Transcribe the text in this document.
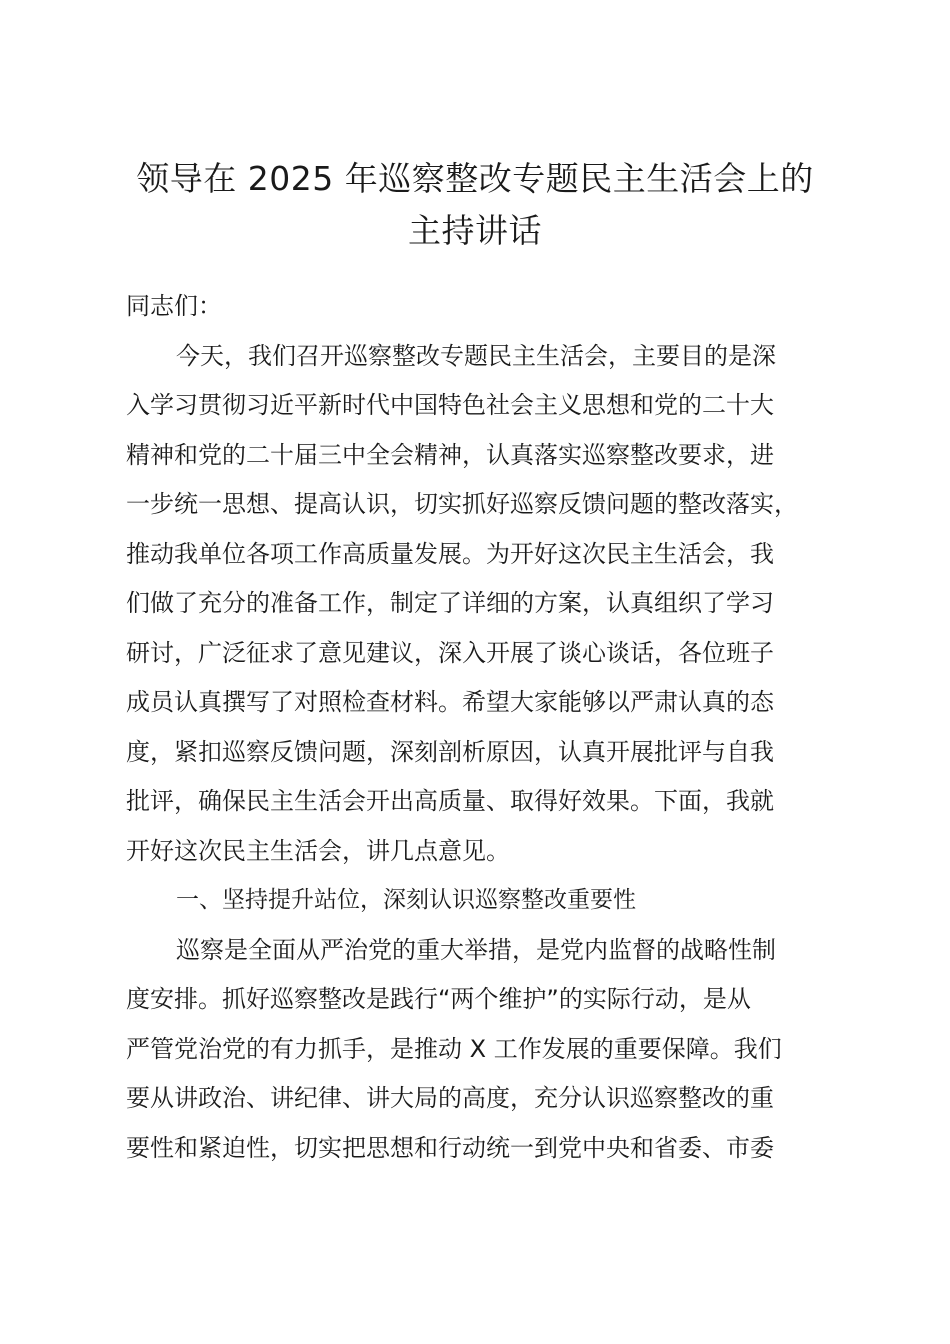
领导在 2025 年巡察整改专题民主生活会上的
主持讲话
同志们：
今天，我们召开巡察整改专题民主生活会，主要目的是深
入学习贯彻习近平新时代中国特色社会主义思想和党的二十大
精神和党的二十届三中全会精神，认真落实巡察整改要求，进
一步统一思想、提高认识，切实抓好巡察反馈问题的整改落实，
推动我单位各项工作高质量发展。为开好这次民主生活会，我
们做了充分的准备工作，制定了详细的方案，认真组织了学习
研讨，广泛征求了意见建议，深入开展了谈心谈话，各位班子
成员认真撰写了对照检查材料。希望大家能够以严肃认真的态
度，紧扣巡察反馈问题，深刻剖析原因，认真开展批评与自我
批评，确保民主生活会开出高质量、取得好效果。下面，我就
开好这次民主生活会，讲几点意见。
一、坚持提升站位，深刻认识巡察整改重要性
巡察是全面从严治党的重大举措，是党内监督的战略性制
度安排。抓好巡察整改是践行“两个维护”的实际行动，是从
严管党治党的有力抓手，是推动 X 工作发展的重要保障。我们
要从讲政治、讲纪律、讲大局的高度，充分认识巡察整改的重
要性和紧迫性，切实把思想和行动统一到党中央和省委、市委
